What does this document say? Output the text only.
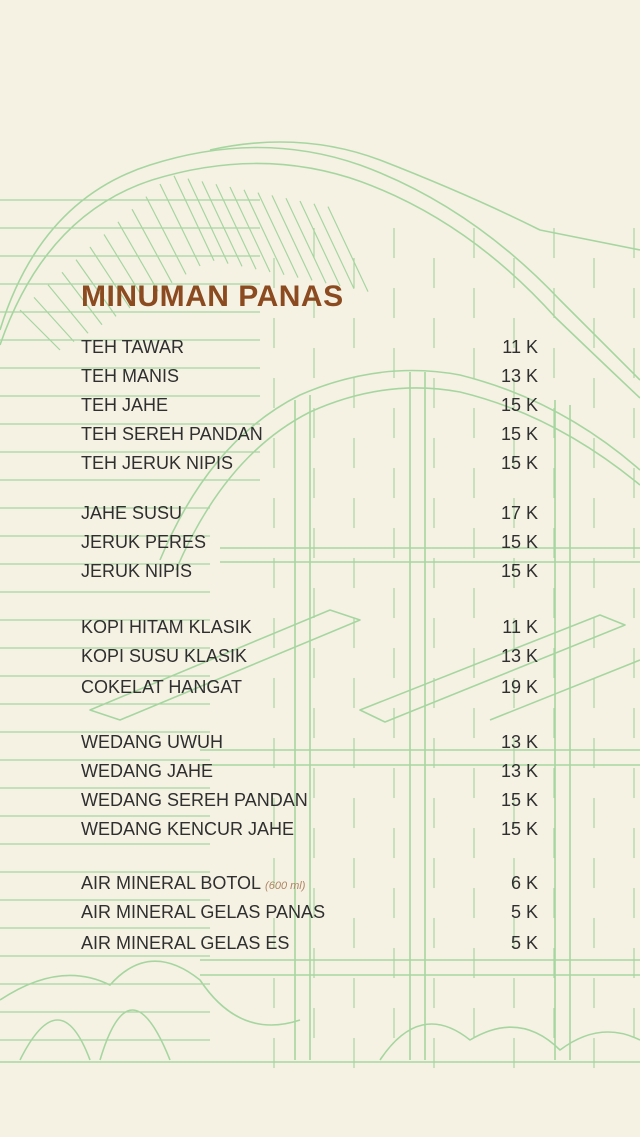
MINUMAN PANAS
TEH TAWAR	11 K
TEH MANIS	13 K
TEH JAHE	15 K
TEH SEREH PANDAN	15 K
TEH JERUK NIPIS	15 K
JAHE SUSU	17 K
JERUK PERES	15 K
JERUK NIPIS	15 K
KOPI HITAM KLASIK	11 K
KOPI SUSU KLASIK	13 K
COKELAT HANGAT	19 K
WEDANG UWUH	13 K
WEDANG JAHE	13 K
WEDANG SEREH PANDAN	15 K
WEDANG KENCUR JAHE	15 K
AIR MINERAL BOTOL (600 ml)	6 K
AIR MINERAL GELAS PANAS	5 K
AIR MINERAL GELAS ES	5 K
